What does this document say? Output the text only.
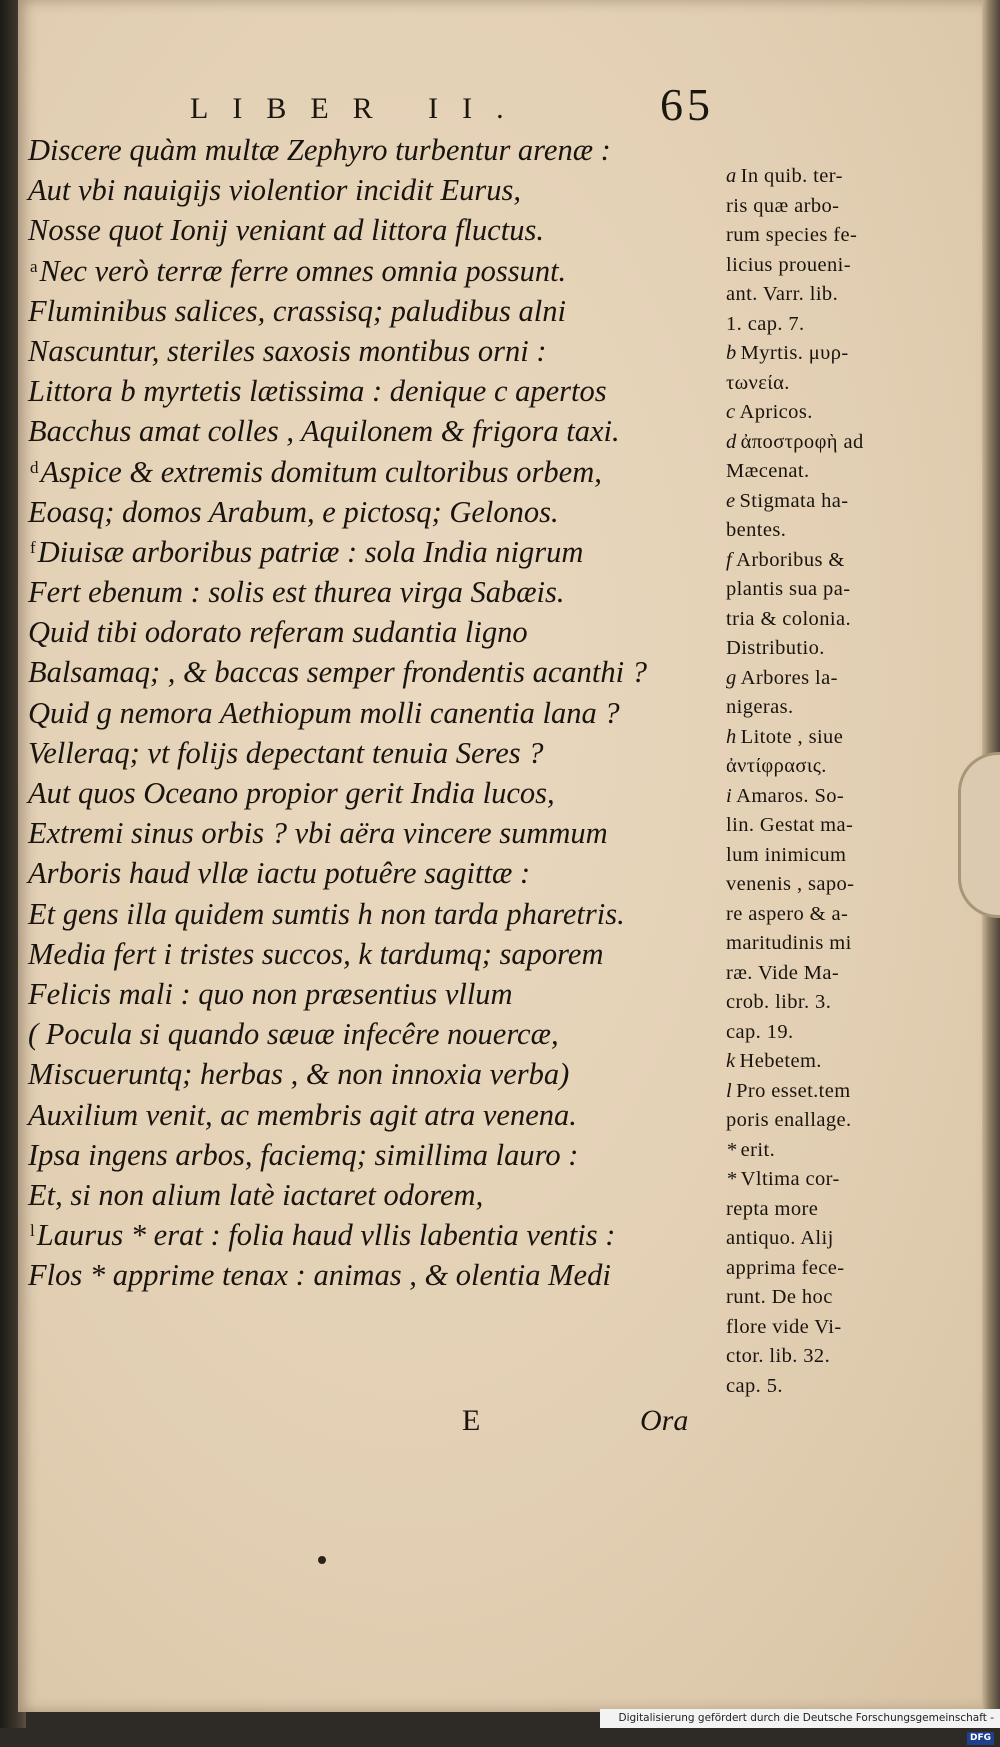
LIBER II.	65
Discere quàm multæ Zephyro turbentur arenæ :
Aut vbi nauigijs violentior incidit Eurus,
Nosse quot Ionij veniant ad littora fluctus.
$^a$Nec verò terræ ferre omnes omnia possunt.
Fluminibus salices, crassisq; paludibus alni
Nascuntur, steriles saxosis montibus orni :
Littora b myrtetis lætissima : denique c apertos
Bacchus amat colles , Aquilonem & frigora taxi.
$^d$Aspice & extremis domitum cultoribus orbem,
Eoasq; domos Arabum, e pictosq; Gelonos.
$^f$Diuisæ arboribus patriæ : sola India nigrum
Fert ebenum : solis est thurea virga Sabæis.
Quid tibi odorato referam sudantia ligno
Balsamaq; , & baccas semper frondentis acanthi ?
Quid g nemora Aethiopum molli canentia lana ?
Velleraq; vt folijs depectant tenuia Seres ?
Aut quos Oceano propior gerit India lucos,
Extremi sinus orbis ? vbi aëra vincere summum
Arboris haud vllæ iactu potuêre sagittæ :
Et gens illa quidem sumtis h non tarda pharetris.
Media fert i tristes succos, k tardumq; saporem
Felicis mali : quo non præsentius vllum
( Pocula si quando sæuæ infecêre nouercæ,
Miscueruntq; herbas , & non innoxia verba)
Auxilium venit, ac membris agit atra venena.
Ipsa ingens arbos, faciemq; simillima lauro :
Et, si non alium latè iactaret odorem,
$^l$Laurus * erat : folia haud vllis labentia ventis :
Flos * apprime tenax : animas , & olentia Medi
a In quib. ter-
ris quæ arbo-
rum species fe-
licius proueni-
ant. Varr. lib.
1. cap. 7.
b Myrtis. μυρ-
τωνεία.
c Apricos.
d ἀποστροφὴ ad
Mæcenat.
e Stigmata ha-
bentes.
f Arboribus &
plantis sua pa-
tria & colonia.
Distributio.
g Arbores la-
nigeras.
h Litote , siue
ἀντίφρασις.
i Amaros. So-
lin. Gestat ma-
lum inimicum
venenis , sapo-
re aspero & a-
maritudinis mi
ræ. Vide Ma-
crob. libr. 3.
cap. 19.
k Hebetem.
l Pro esset.tem
poris enallage.
* erit.
* Vltima cor-
repta more
antiquo. Alij
apprima fece-
runt. De hoc
flore vide Vi-
ctor. lib. 32.
cap. 5.
E	Ora
Digitalisierung gefördert durch die Deutsche Forschungsgemeinschaft -DFG
